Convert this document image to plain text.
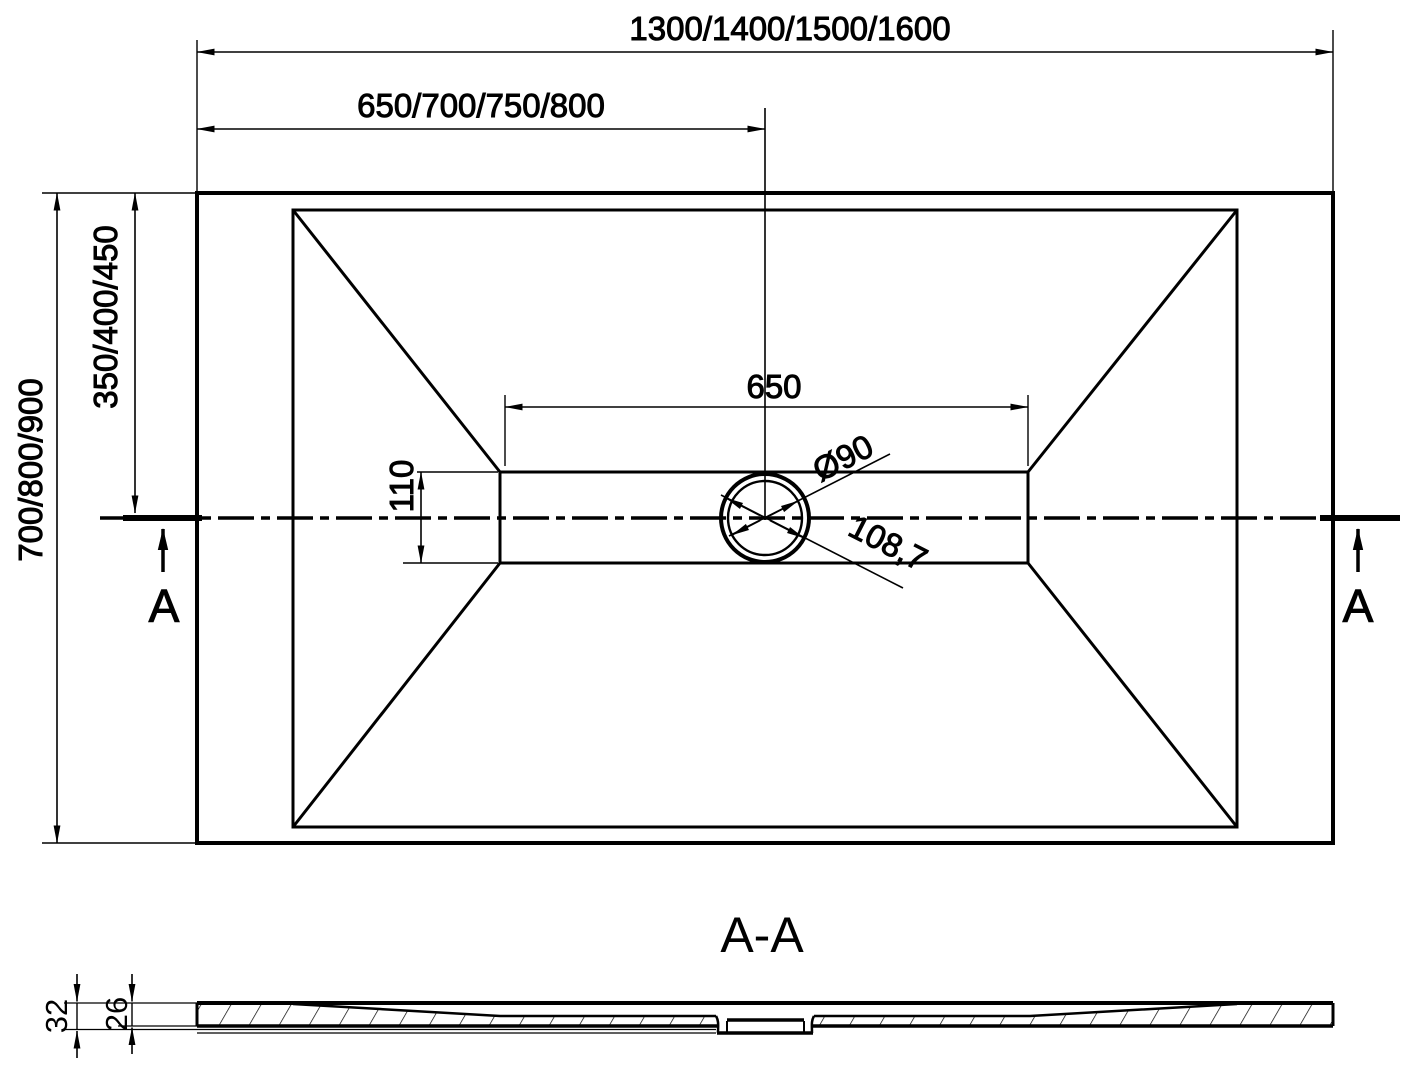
1300/1400/1500/1600
650/700/750/800
700/800/900
350/400/450	650
110	Ø90
108,7
A	A
A-A
32 26
